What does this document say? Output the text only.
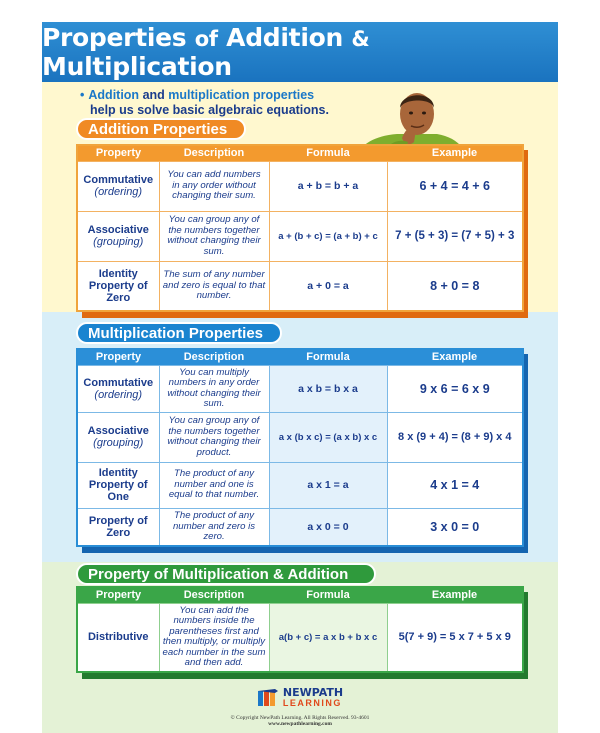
Properties of Addition & Multiplication
• Addition and multiplication properties
help us solve basic algebraic equations.
Addition Properties
Property	Description	Formula	Example
Commutative
(ordering)	You can add numbers in any order without changing their sum.	a + b = b + a	6 + 4 = 4 + 6
Associative
(grouping)	You can group any of the numbers together without changing their sum.	a + (b + c) = (a + b) + c	7 + (5 + 3) = (7 + 5) + 3
Identity Property of Zero	The sum of any number and zero is equal to that number.	a + 0 = a	8 + 0 = 8
Multiplication Properties
Property	Description	Formula	Example
Commutative
(ordering)	You can multiply numbers in any order without changing their sum.	a x b = b x a	9 x 6 = 6 x 9
Associative
(grouping)	You can group any of the numbers together without changing their product.	a x (b x c) = (a x b) x c	8 x (9 + 4) = (8 + 9) x 4
Identity Property of One	The product of any number and one is equal to that number.	a x 1 = a	4 x 1 = 4
Property of Zero	The product of any number and zero is zero.	a x 0 = 0	3 x 0 = 0
Property of Multiplication & Addition
Property	Description	Formula	Example
Distributive	You can add the numbers inside the parentheses first and then multiply, or multiply each number in the sum and then add.	a(b + c) = a x b + b x c	5(7 + 9) = 5 x 7 + 5 x 9
NEWPATH
LEARNING
© Copyright NewPath Learning. All Rights Reserved. 93-4601
www.newpathlearning.com
